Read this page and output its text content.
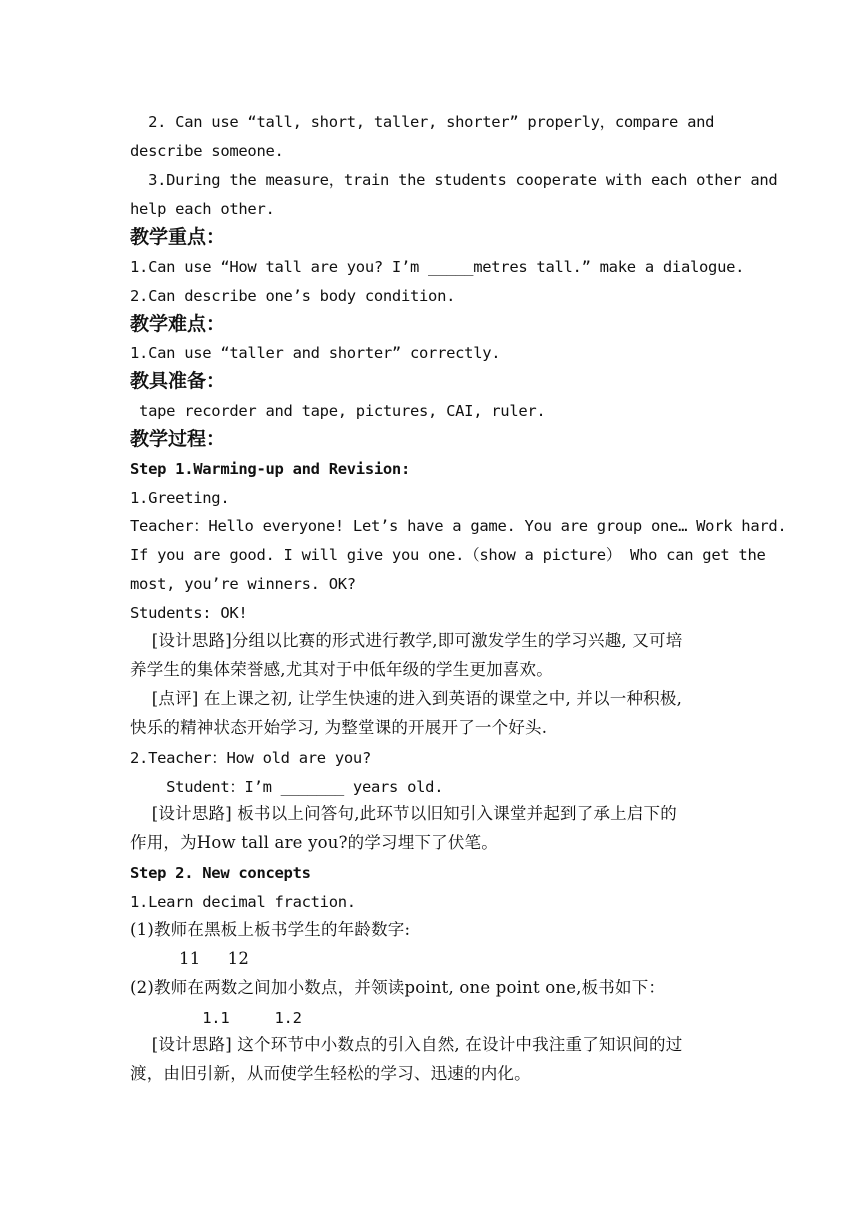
2. Can use “tall, short, taller, shorter” properly，compare and
describe someone.
3.During the measure，train the students cooperate with each other and
help each other.
教学重点：
1.Can use “How tall are you? I’m _____metres tall.” make a dialogue.
2.Can describe one’s body condition.
教学难点：
1.Can use “taller and shorter” correctly.
教具准备：
tape recorder and tape, pictures, CAI, ruler.
教学过程：
Step 1.Warming-up and Revision:
1.Greeting.
Teacher：Hello everyone! Let’s have a game. You are group one… Work hard.
If you are good. I will give you one.（show a picture） Who can get the
most, you’re winners. OK?
Students: OK!
[设计思路]分组以比赛的形式进行教学,即可激发学生的学习兴趣, 又可培
养学生的集体荣誉感,尤其对于中低年级的学生更加喜欢。
[点评] 在上课之初, 让学生快速的进入到英语的课堂之中, 并以一种积极,
快乐的精神状态开始学习, 为整堂课的开展开了一个好头.
2.Teacher：How old are you?
Student：I’m _______ years old.
[设计思路] 板书以上问答句,此环节以旧知引入课堂并起到了承上启下的
作用，为How tall are you?的学习埋下了伏笔。
Step 2. New concepts
1.Learn decimal fraction.
(1)教师在黑板上板书学生的年龄数字:
11     12
(2)教师在两数之间加小数点，并领读point, one point one,板书如下：
1.1     1.2
[设计思路] 这个环节中小数点的引入自然, 在设计中我注重了知识间的过
渡，由旧引新，从而使学生轻松的学习、迅速的内化。
